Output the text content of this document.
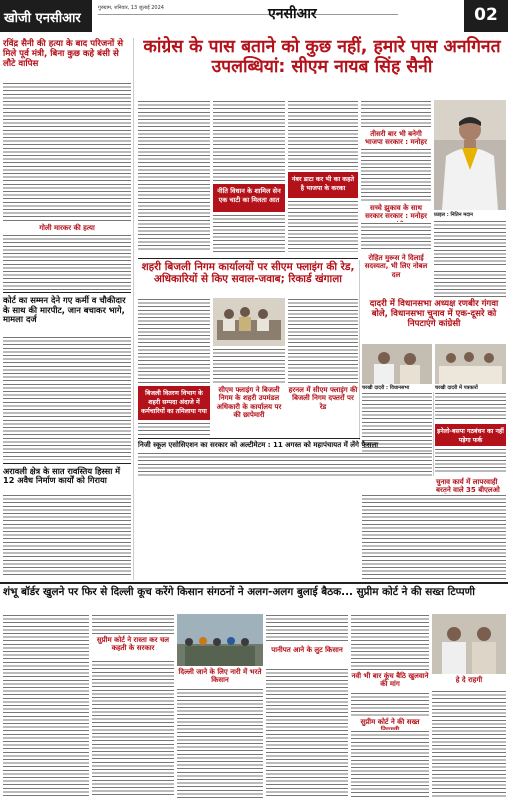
खोजी एनसीआर
गुरुग्राम, शनिवार, 13 जुलाई 2024	एनसीआर	02
रविंद्र सैनी की हत्या के बाद परिजनों से मिले पूर्व मंत्री, बिना कुछ कहे बंसी से लौटे वापिस
गोली मारकर की हत्या
कोर्ट का सम्मन देने गए कर्मी व चौकीदार के साथ की मारपीट, जान बचाकर भागे, मामला दर्ज
अरावली क्षेत्र के सात रावस्तिय हिस्सा में 12 अवैध निर्माण कार्यों को गिराया
कांग्रेस के पास बताने को कुछ नहीं, हमारे पास अनगिनत उपलब्धियां: सीएम नायब सिंह सैनी
नीति विधान के शामिल सेन एक चाटी का मिलता आत
नंबर डाटा कर भी का कहते है भाजपा के करका
तीसरी बार भी बनेगी भाजपा सरकार : मनोहर
सच्चे झुकाव के साथ सरकार सरकार : मनोहर	फ़ाइल : नितिन मदान
रोहित मुरूस ने दिलाई सदस्यता, भी लिए नोबल दल
शहरी बिजली निगम कार्यालयों पर सीएम फ्लाइंग की रेड, अधिकारियों से किए सवाल-जवाब; रिकार्ड खंगाला
बिजली वितरण विभाग के शहरी सम्पदा अंदाजे में कर्मचारियों का तमिलाया गया
सीएम फ्लाइंग ने बिजली निगम के शहरी उपमंडल अधिकारी के कार्यालय पर की छापेमारी
हरनल में सीएम फ्लाइंग की बिजली निगम दफ्तरों पर रेड
दादरी में विधानसभा अध्यक्ष रणबीर गंगवा बोले, विधानसभा चुनाव में एक-दूसरे को निपटाएंगे कांग्रेसी
चरखी दादरी : विधानसभा	चरखी दादरी में पत्रकारों
इनेलो-बसपा गठबंधन का नहीं पड़ेगा फर्क
निजी स्कूल एसोसिएशन का सरकार को अल्टीमेटम : 11 अगस्त को महापंचायत में लेंगे फैसला
चुनाव कार्य में लापरवाही बरतने वाले 35 बीएलओ
शंभू बॉर्डर खुलने पर फिर से दिल्ली कूच करेंगे किसान संगठनों ने अलग-अलग बुलाई बैठक... सुप्रीम कोर्ट ने की सख्त टिप्पणी
सुप्रीम कोर्ट ने रास्ता कर चल कहती के सरकार
दिल्ली जाने के लिए नारी में भरते किसान
पानीपत आने के लुट किसान
नवी भी बार कूंच बैठि खुलवाने की मांग
सुप्रीम कोर्ट ने की सख्त
हे दे राहगी
